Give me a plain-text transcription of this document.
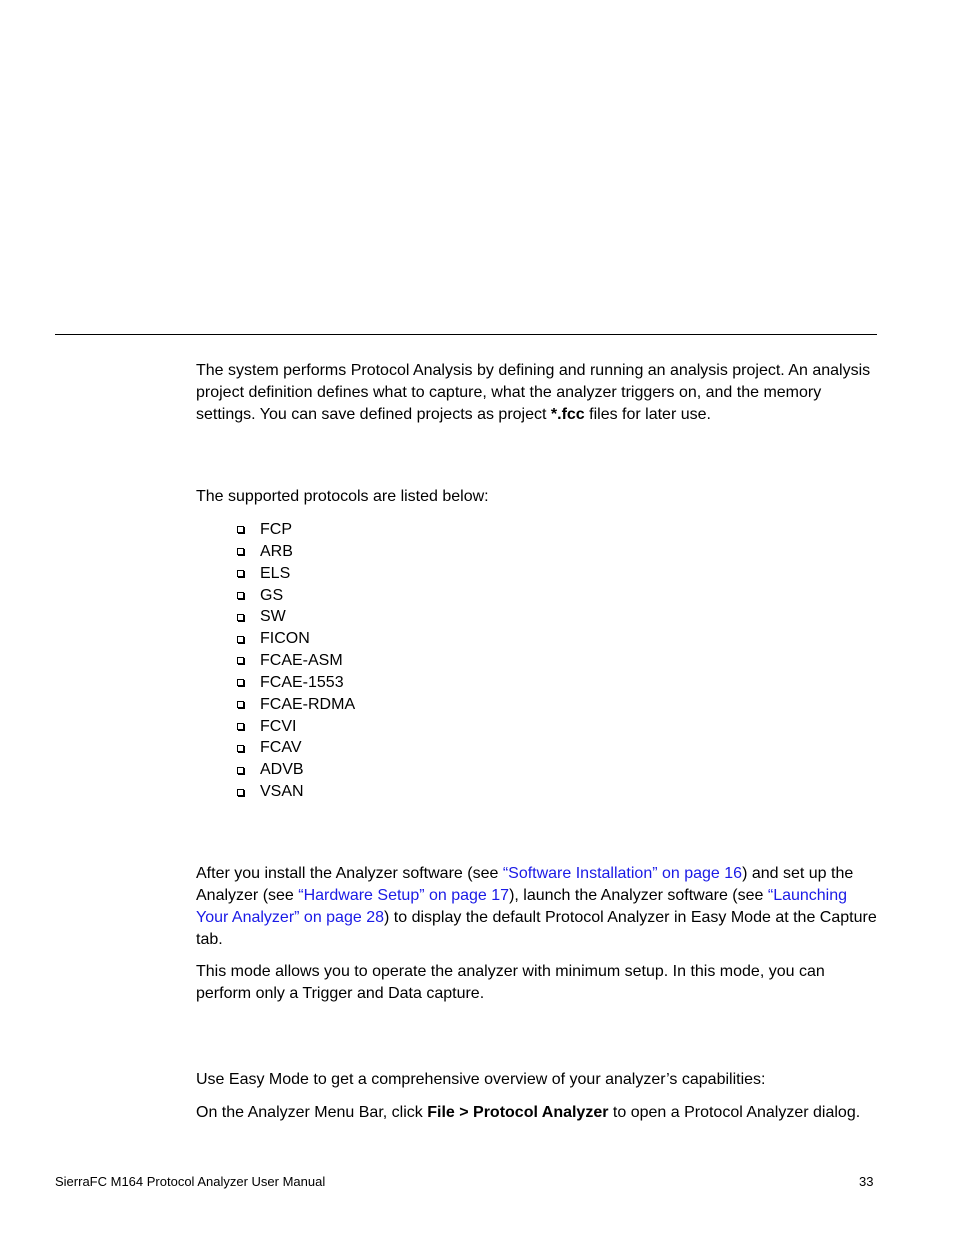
The system performs Protocol Analysis by defining and running an analysis project. An analysis project definition defines what to capture, what the analyzer triggers on, and the memory settings. You can save defined projects as project *.fcc files for later use.

The supported protocols are listed below:

FCP
ARB
ELS
GS
SW
FICON
FCAE-ASM
FCAE-1553
FCAE-RDMA
FCVI
FCAV
ADVB
VSAN

After you install the Analyzer software (see “Software Installation” on page 16) and set up the Analyzer (see “Hardware Setup” on page 17), launch the Analyzer software (see “Launching Your Analyzer” on page 28) to display the default Protocol Analyzer in Easy Mode at the Capture tab.

This mode allows you to operate the analyzer with minimum setup. In this mode, you can perform only a Trigger and Data capture.

Use Easy Mode to get a comprehensive overview of your analyzer’s capabilities:

On the Analyzer Menu Bar, click File > Protocol Analyzer to open a Protocol Analyzer dialog.

SierraFC M164 Protocol Analyzer User Manual	33
